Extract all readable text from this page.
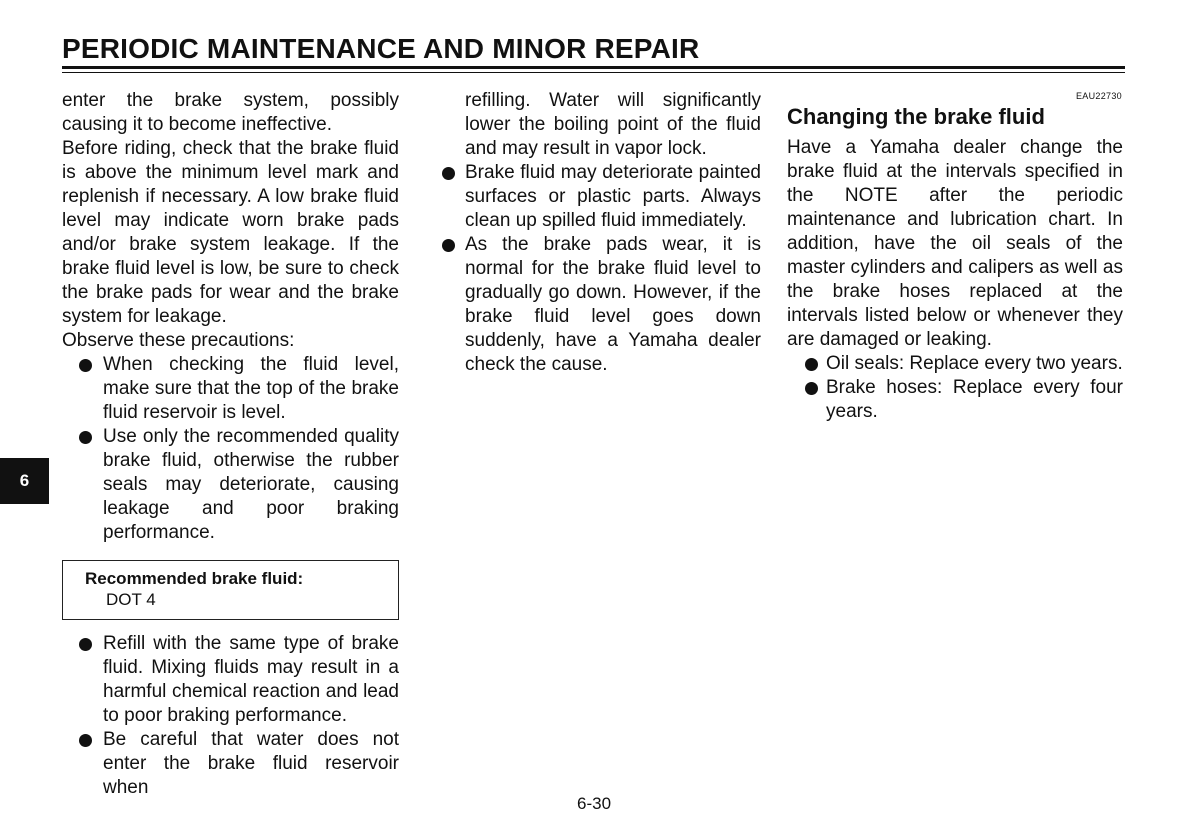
PERIODIC MAINTENANCE AND MINOR REPAIR

enter the brake system, possibly causing it to become ineffective.

Before riding, check that the brake fluid is above the minimum level mark and replenish if necessary. A low brake fluid level may indicate worn brake pads and/or brake system leakage. If the brake fluid level is low, be sure to check the brake pads for wear and the brake system for leakage.

Observe these precautions:

When checking the fluid level, make sure that the top of the brake fluid reservoir is level.
Use only the recommended quality brake fluid, otherwise the rubber seals may deteriorate, causing leakage and poor braking performance.
Recommended brake fluid:
DOT 4
Refill with the same type of brake fluid. Mixing fluids may result in a harmful chemical reaction and lead to poor braking performance.
Be careful that water does not enter the brake fluid reservoir when

refilling. Water will significantly lower the boiling point of the fluid and may result in vapor lock.

Brake fluid may deteriorate painted surfaces or plastic parts. Always clean up spilled fluid immediately.
As the brake pads wear, it is normal for the brake fluid level to gradually go down. However, if the brake fluid level goes down suddenly, have a Yamaha dealer check the cause.
EAU22730
Changing the brake fluid

Have a Yamaha dealer change the brake fluid at the intervals specified in the NOTE after the periodic maintenance and lubrication chart. In addition, have the oil seals of the master cylinders and calipers as well as the brake hoses replaced at the intervals listed below or whenever they are damaged or leaking.

Oil seals: Replace every two years.
Brake hoses: Replace every four years.
6
6-30
